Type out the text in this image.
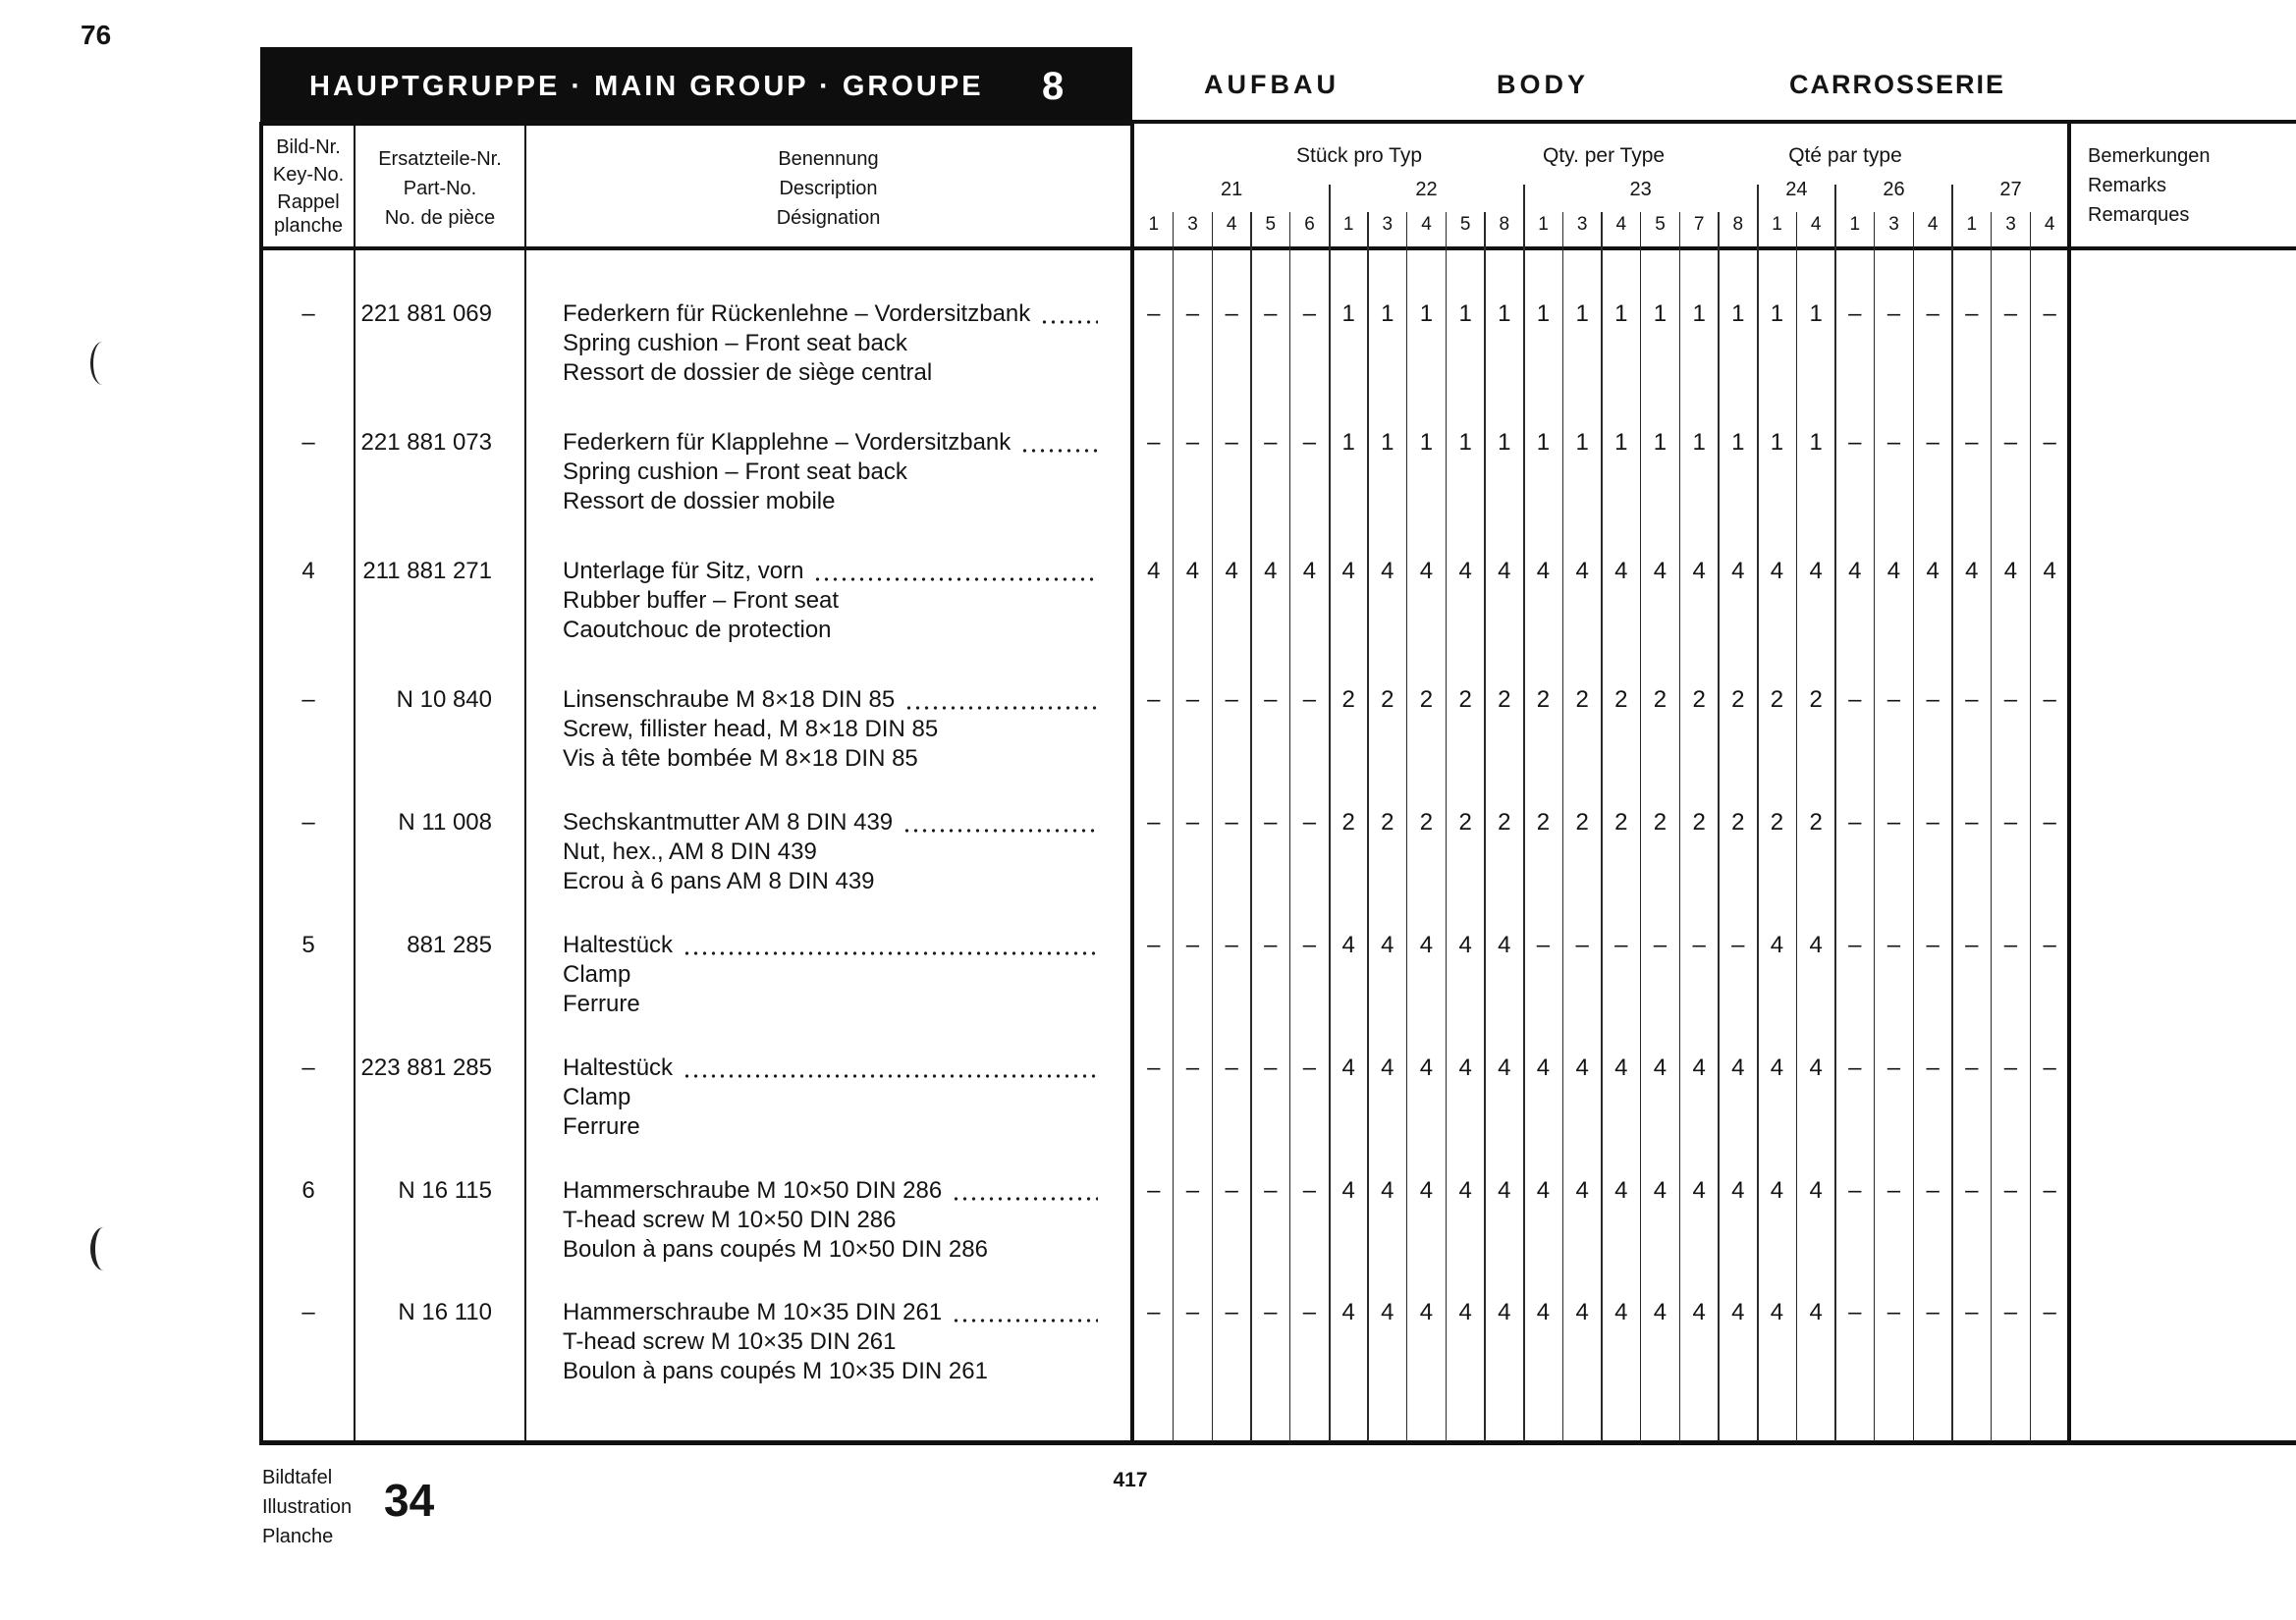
76
HAUPTGRUPPE · MAIN GROUP · GROUPE 8	AUFBAU	BODY	CARROSSERIE
Bild-Nr.
Key-No.
Rappel
planche
Ersatzteile-Nr.
Part-No.
No. de pièce
Benennung
Description
Désignation
Stück pro Typ	Qty. per Type	Qté par type	Bemerkungen
Remarks
Remarques
21
1	3	4	5	6
22
1	3	4	5	8
23
1	3	4	5	7	8
24
1	4
26
1	3	4
27
1	3	4
–	221 881 069	Federkern für Rückenlehne – Vordersitzbank
Spring cushion – Front seat back
Ressort de dossier de siège central
–	–	–	–	–	1	1	1	1	1	1	1	1	1	1	1	1	1	–	–	–	–	–	–
–	221 881 073	Federkern für Klapplehne – Vordersitzbank
Spring cushion – Front seat back
Ressort de dossier mobile
–	–	–	–	–	1	1	1	1	1	1	1	1	1	1	1	1	1	–	–	–	–	–	–
4	211 881 271	Unterlage für Sitz, vorn
Rubber buffer – Front seat
Caoutchouc de protection
4	4	4	4	4	4	4	4	4	4	4	4	4	4	4	4	4	4	4	4	4	4	4	4
–	N 10 840	Linsenschraube M 8×18 DIN 85
Screw, fillister head, M 8×18 DIN 85
Vis à tête bombée M 8×18 DIN 85
–	–	–	–	–	2	2	2	2	2	2	2	2	2	2	2	2	2	–	–	–	–	–	–
–	N 11 008	Sechskantmutter AM 8 DIN 439
Nut, hex., AM 8 DIN 439
Ecrou à 6 pans AM 8 DIN 439
–	–	–	–	–	2	2	2	2	2	2	2	2	2	2	2	2	2	–	–	–	–	–	–
5	881 285	Haltestück
Clamp
Ferrure
–	–	–	–	–	4	4	4	4	4	–	–	–	–	–	–	4	4	–	–	–	–	–	–
–	223 881 285	Haltestück
Clamp
Ferrure
–	–	–	–	–	4	4	4	4	4	4	4	4	4	4	4	4	4	–	–	–	–	–	–
6	N 16 115	Hammerschraube M 10×50 DIN 286
T-head screw M 10×50 DIN 286
Boulon à pans coupés M 10×50 DIN 286
–	–	–	–	–	4	4	4	4	4	4	4	4	4	4	4	4	4	–	–	–	–	–	–
–	N 16 110	Hammerschraube M 10×35 DIN 261
T-head screw M 10×35 DIN 261
Boulon à pans coupés M 10×35 DIN 261
–	–	–	–	–	4	4	4	4	4	4	4	4	4	4	4	4	4	–	–	–	–	–	–
Bildtafel
Illustration
Planche
34	417
